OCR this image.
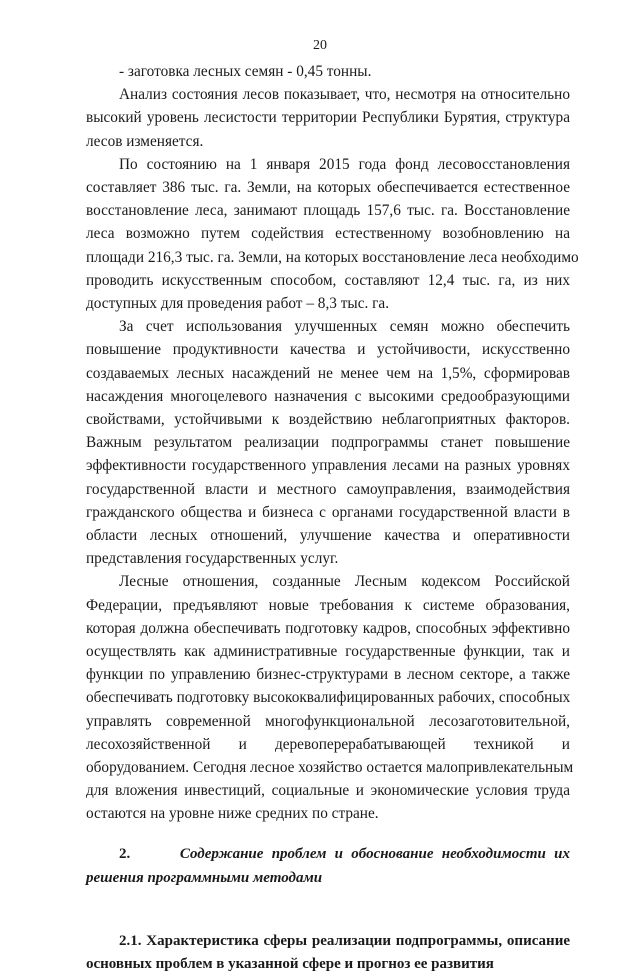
20
- заготовка лесных семян - 0,45 тонны.
Анализ состояния лесов показывает, что, несмотря на относительно
высокий уровень лесистости территории Республики Бурятия, структура
лесов изменяется.
По состоянию на 1 января 2015 года фонд лесовосстановления
составляет 386 тыс. га. Земли, на которых обеспечивается естественное
восстановление леса, занимают площадь 157,6 тыс. га. Восстановление
леса возможно путем содействия естественному возобновлению на
площади 216,3 тыс. га. Земли, на которых восстановление леса необходимо
проводить искусственным способом, составляют 12,4 тыс. га, из них
доступных для проведения работ – 8,3 тыс. га.
За счет использования улучшенных семян можно обеспечить
повышение продуктивности качества и устойчивости, искусственно
создаваемых лесных насаждений не менее чем на 1,5%, сформировав
насаждения многоцелевого назначения с высокими средообразующими
свойствами, устойчивыми к воздействию неблагоприятных факторов.
Важным результатом реализации подпрограммы станет повышение
эффективности государственного управления лесами на разных уровнях
государственной власти и местного самоуправления, взаимодействия
гражданского общества и бизнеса с органами государственной власти в
области лесных отношений, улучшение качества и оперативности
представления государственных услуг.
Лесные отношения, созданные Лесным кодексом Российской
Федерации, предъявляют новые требования к системе образования,
которая должна обеспечивать подготовку кадров, способных эффективно
осуществлять как административные государственные функции, так и
функции по управлению бизнес-структурами в лесном секторе, а также
обеспечивать подготовку высококвалифицированных рабочих, способных
управлять современной многофункциональной лесозаготовительной,
лесохозяйственной и деревоперерабатывающей техникой и
оборудованием. Сегодня лесное хозяйство остается малопривлекательным
для вложения инвестиций, социальные и экономические условия труда
остаются на уровне ниже средних по стране.
2.	Содержание проблем и обоснование необходимости их
решения программными методами
2.1. Характеристика сферы реализации подпрограммы, описание
основных проблем в указанной сфере и прогноз ее развития
